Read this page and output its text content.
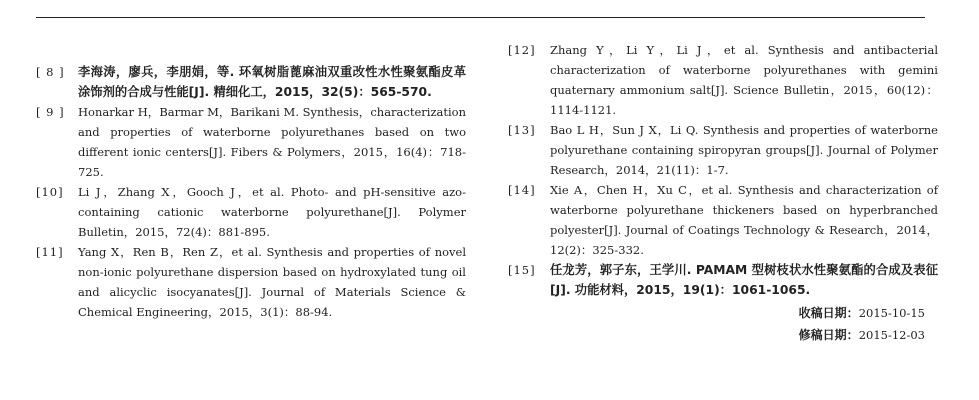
[ 8 ]	李海涛，廖兵，李朋娟，等. 环氧树脂蓖麻油双重改性水性聚氨酯皮革涂饰剂的合成与性能[J]. 精细化工，2015，32(5)：565-570.
[ 9 ]	Honarkar H，Barmar M，Barikani M. Synthesis，characterization and properties of waterborne polyurethanes based on two different ionic centers[J]. Fibers & Polymers，2015，16(4)：718-725.
[10]	Li J，Zhang X，Gooch J，et al. Photo- and pH-sensitive azo-containing cationic waterborne polyurethane[J]. Polymer Bulletin，2015，72(4)：881-895.
[11]	Yang X，Ren B，Ren Z，et al. Synthesis and properties of novel non-ionic polyurethane dispersion based on hydroxylated tung oil and alicyclic isocyanates[J]. Journal of Materials Science & Chemical Engineering，2015，3(1)：88-94.
[12]	Zhang Y，Li Y，Li J，et al. Synthesis and antibacterial characterization of waterborne polyurethanes with gemini quaternary ammonium salt[J]. Science Bulletin，2015，60(12)：1114-1121.
[13]	Bao L H，Sun J X，Li Q. Synthesis and properties of waterborne polyurethane containing spiropyran groups[J]. Journal of Polymer Research，2014，21(11)：1-7.
[14]	Xie A，Chen H，Xu C，et al. Synthesis and characterization of waterborne polyurethane thickeners based on hyperbranched polyester[J]. Journal of Coatings Technology & Research，2014，12(2)：325-332.
[15]	任龙芳，郭子东，王学川. PAMAM 型树枝状水性聚氨酯的合成及表征[J]. 功能材料，2015，19(1)：1061-1065.
收稿日期：2015-10-15
修稿日期：2015-12-03
